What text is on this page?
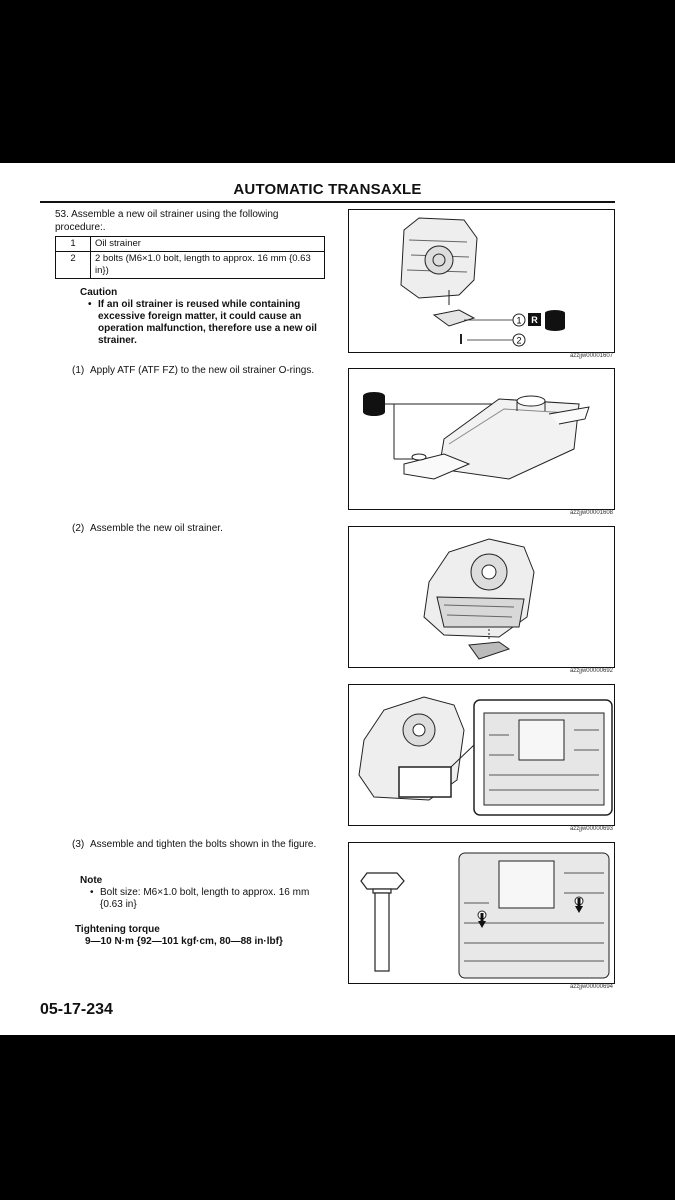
AUTOMATIC TRANSAXLE
53. Assemble a new oil strainer using the following procedure:.
1	Oil strainer
2	2 bolts (M6×1.0 bolt, length to approx. 16 mm {0.63 in})
Caution
• If an oil strainer is reused while containing excessive foreign matter, it could cause an operation malfunction, therefore use a new oil strainer.
(1) Apply ATF (ATF FZ) to the new oil strainer O-rings.
(2) Assemble the new oil strainer.
(3) Assemble and tighten the bolts shown in the figure.
Note
• Bolt size: M6×1.0 bolt, length to approx. 16 mm {0.63 in}
Tightening torque
9—10 N·m {92—101 kgf·cm, 80—88 in·lbf}
1 R
2
azzjjw00001607
azzjjw00001608
azzjjw00000692
azzjjw00000693
azzjjw00000694
05-17-234
